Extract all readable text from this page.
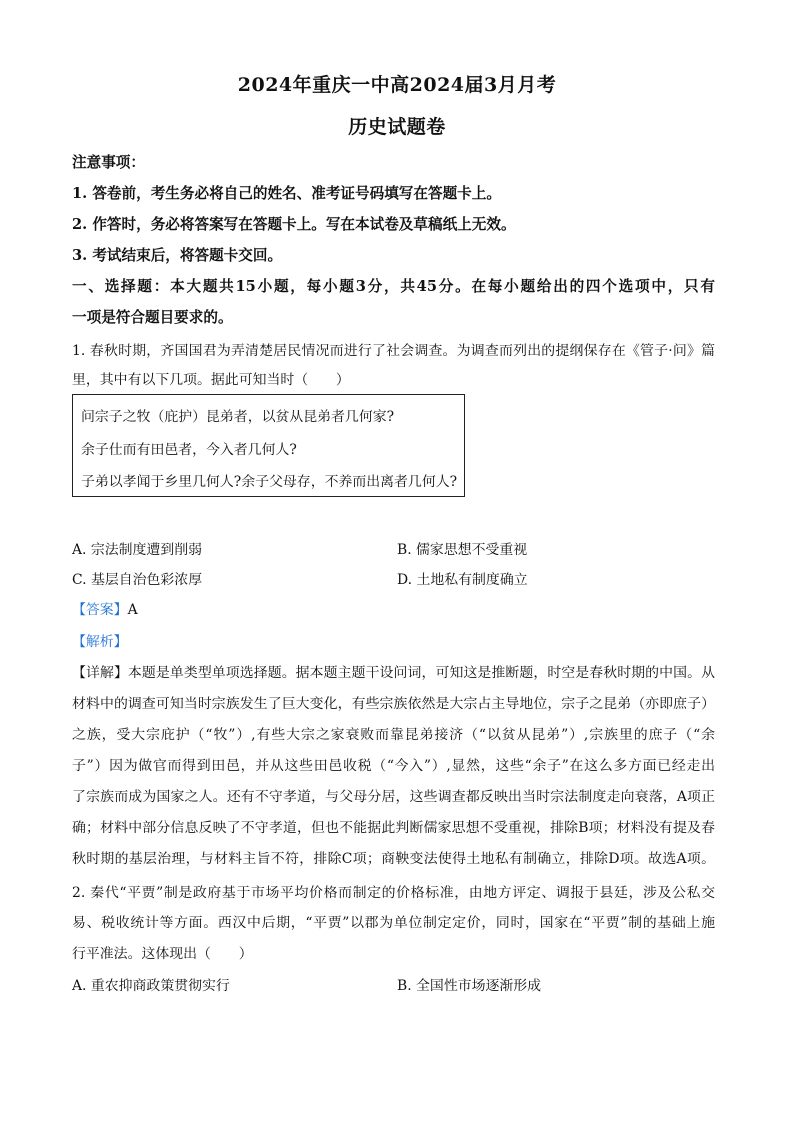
2024年重庆一中高2024届3月月考
历史试题卷
注意事项：
1. 答卷前，考生务必将自己的姓名、准考证号码填写在答题卡上。
2. 作答时，务必将答案写在答题卡上。写在本试卷及草稿纸上无效。
3. 考试结束后，将答题卡交回。
一、选择题：本大题共15小题，每小题3分，共45分。在每小题给出的四个选项中，只有
一项是符合题目要求的。
1. 春秋时期，齐国国君为弄清楚居民情况而进行了社会调查。为调查而列出的提纲保存在《管子·问》篇
里，其中有以下几项。据此可知当时（　　）
问宗子之牧（庇护）昆弟者，以贫从昆弟者几何家?
余子仕而有田邑者，今入者几何人?
子弟以孝闻于乡里几何人?余子父母存，不养而出离者几何人?
A. 宗法制度遭到削弱	B. 儒家思想不受重视
C. 基层自治色彩浓厚	D. 土地私有制度确立
【答案】A
【解析】
【详解】本题是单类型单项选择题。据本题主题干设问词，可知这是推断题，时空是春秋时期的中国。从
材料中的调查可知当时宗族发生了巨大变化，有些宗族依然是大宗占主导地位，宗子之昆弟（亦即庶子）
之族，受大宗庇护（“牧”）,有些大宗之家衰败而靠昆弟接济（“以贫从昆弟”）,宗族里的庶子（“余
子”）因为做官而得到田邑，并从这些田邑收税（“今入”）,显然，这些“余子”在这么多方面已经走出
了宗族而成为国家之人。还有不守孝道，与父母分居，这些调查都反映出当时宗法制度走向衰落，A项正
确；材料中部分信息反映了不守孝道，但也不能据此判断儒家思想不受重视，排除B项；材料没有提及春
秋时期的基层治理，与材料主旨不符，排除C项；商鞅变法使得土地私有制确立，排除D项。故选A项。
2. 秦代“平贾”制是政府基于市场平均价格而制定的价格标准，由地方评定、调报于县廷，涉及公私交
易、税收统计等方面。西汉中后期，“平贾”以郡为单位制定定价，同时，国家在“平贾”制的基础上施
行平准法。这体现出（　　）
A. 重农抑商政策贯彻实行	B. 全国性市场逐渐形成
